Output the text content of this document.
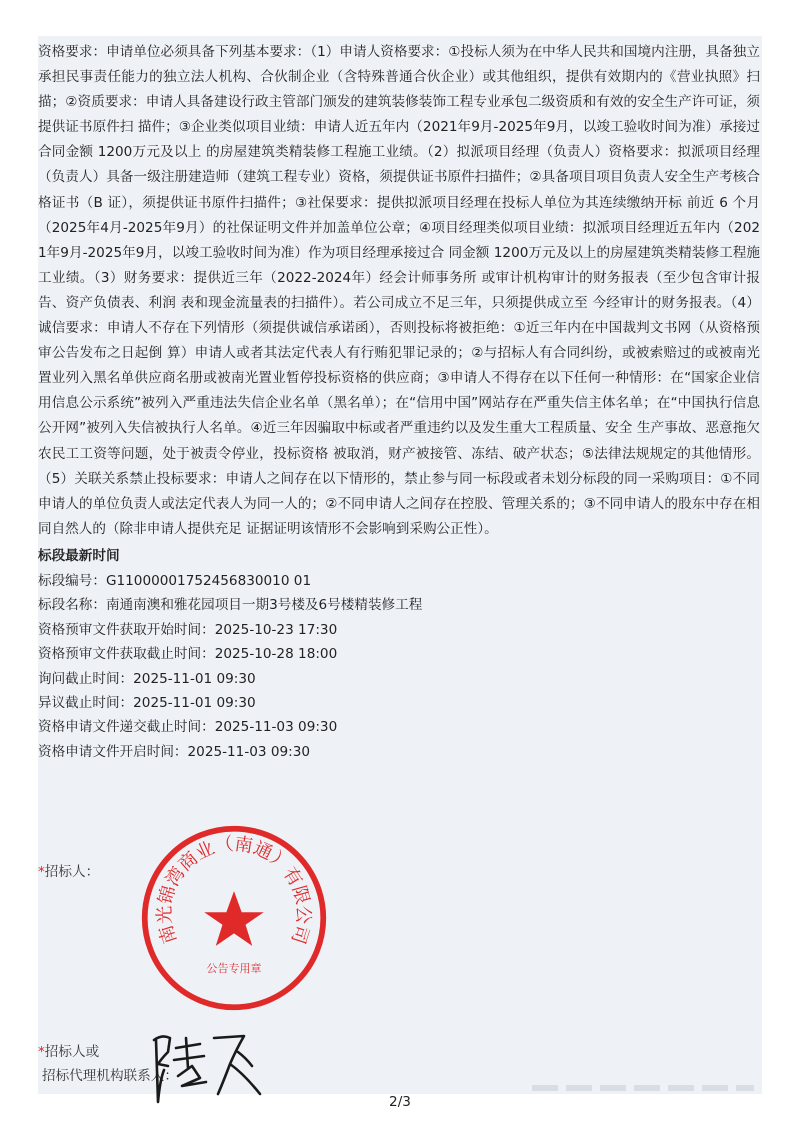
资格要求：申请单位必须具备下列基本要求：（1）申请人资格要求：①投标人须为在中华人民共和国境内注册，具备独立承担民事责任能力的独立法人机构、合伙制企业（含特殊普通合伙企业）或其他组织，提供有效期内的《营业执照》扫描；②资质要求：申请人具备建设行政主管部门颁发的建筑装修装饰工程专业承包二级资质和有效的安全生产许可证，须提供证书原件扫 描件；③企业类似项目业绩：申请人近五年内（2021年9月-2025年9月，以竣工验收时间为准）承接过合同金额 1200万元及以上 的房屋建筑类精装修工程施工业绩。（2）拟派项目经理（负责人）资格要求：拟派项目经理（负责人）具备一级注册建造师（建筑工程专业）资格，须提供证书原件扫描件；②具备项目项目负责人安全生产考核合格证书（B 证），须提供证书原件扫描件；③社保要求：提供拟派项目经理在投标人单位为其连续缴纳开标 前近 6 个月（2025年4月-2025年9月）的社保证明文件并加盖单位公章；④项目经理类似项目业绩：拟派项目经理近五年内（2021年9月-2025年9月，以竣工验收时间为准）作为项目经理承接过合 同金额 1200万元及以上的房屋建筑类精装修工程施工业绩。（3）财务要求：提供近三年（2022-2024年）经会计师事务所 或审计机构审计的财务报表（至少包含审计报告、资产负债表、利润 表和现金流量表的扫描件）。若公司成立不足三年，只须提供成立至 今经审计的财务报表。（4）诚信要求：申请人不存在下列情形（须提供诚信承诺函），否则投标将被拒绝：①近三年内在中国裁判文书网（从资格预审公告发布之日起倒 算）申请人或者其法定代表人有行贿犯罪记录的；②与招标人有合同纠纷，或被索赔过的或被南光置业列入黑名单供应商名册或被南光置业暂停投标资格的供应商；③申请人不得存在以下任何一种情形：在“国家企业信用信息公示系统”被列入严重违法失信企业名单（黑名单）；在“信用中国”网站存在严重失信主体名单；在“中国执行信息公开网”被列入失信被执行人名单。④近三年因骗取中标或者严重违约以及发生重大工程质量、安全 生产事故、恶意拖欠农民工工资等问题，处于被责令停业，投标资格 被取消，财产被接管、冻结、破产状态；⑤法律法规规定的其他情形。（5）关联关系禁止投标要求：申请人之间存在以下情形的，禁止参与同一标段或者未划分标段的同一采购项目：①不同申请人的单位负责人或法定代表人为同一人的；②不同申请人之间存在控股、管理关系的；③不同申请人的股东中存在相同自然人的（除非申请人提供充足 证据证明该情形不会影响到采购公正性）。

标段最新时间
标段编号：G11000001752456830010 01
标段名称：南通南澳和雅花园项目一期3号楼及6号楼精装修工程
资格预审文件获取开始时间：2025-10-23 17:30
资格预审文件获取截止时间：2025-10-28 18:00
询问截止时间：2025-11-01 09:30
异议截止时间：2025-11-01 09:30
资格申请文件递交截止时间：2025-11-03 09:30
资格申请文件开启时间：2025-11-03 09:30
*招标人：
南光锦湾商业（南通）有限公司
公告专用章
*招标人或
招标代理机构联系人：
2/3
